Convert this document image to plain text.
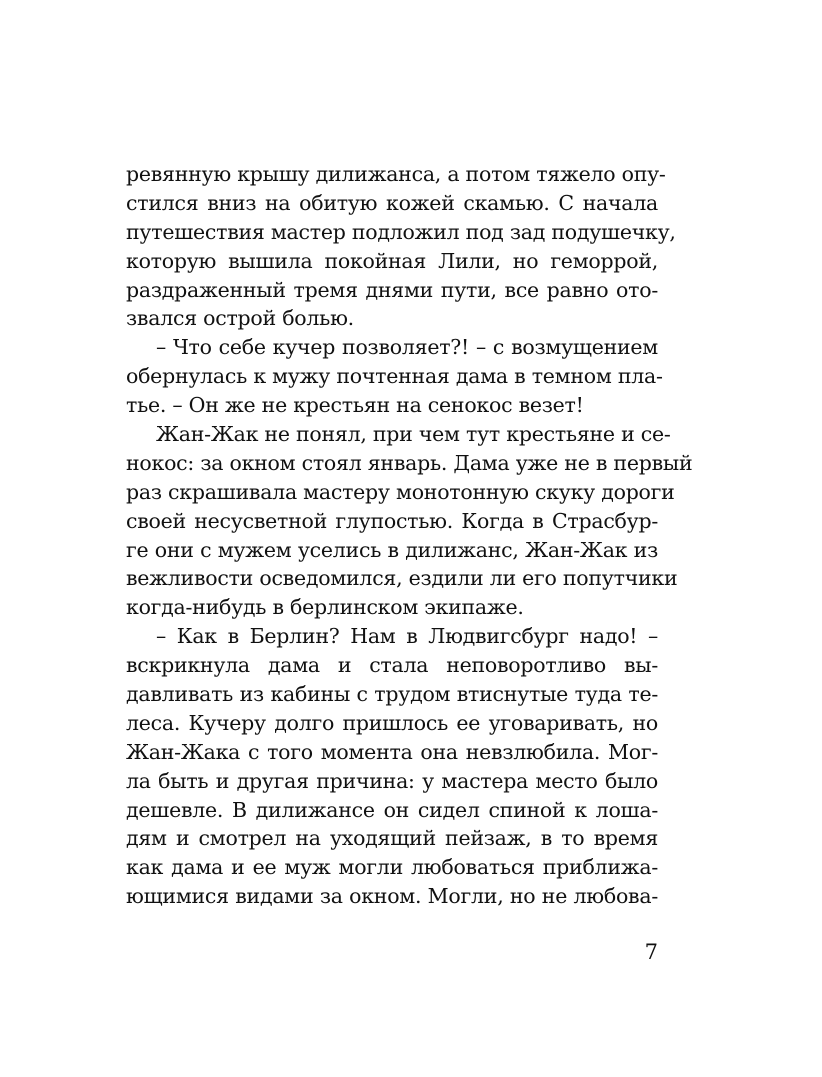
ревянную крышу дилижанса, а потом тяжело опу-
стился вниз на обитую кожей скамью. С начала
путешествия мастер подложил под зад подушечку,
которую вышила покойная Лили, но геморрой,
раздраженный тремя днями пути, все равно ото-
звался острой болью.
– Что себе кучер позволяет?! – с возмущением
обернулась к мужу почтенная дама в темном пла-
тье. – Он же не крестьян на сенокос везет!
Жан-Жак не понял, при чем тут крестьяне и се-
нокос: за окном стоял январь. Дама уже не в первый
раз скрашивала мастеру монотонную скуку дороги
своей несусветной глупостью. Когда в Страсбур-
ге они с мужем уселись в дилижанс, Жан-Жак из
вежливости осведомился, ездили ли его попутчики
когда-нибудь в берлинском экипаже.
– Как в Берлин? Нам в Людвигсбург надо! –
вскрикнула дама и стала неповоротливо вы-
давливать из кабины с трудом втиснутые туда те-
леса. Кучеру долго пришлось ее уговаривать, но
Жан-Жака с того момента она невзлюбила. Мог-
ла быть и другая причина: у мастера место было
дешевле. В дилижансе он сидел спиной к лоша-
дям и смотрел на уходящий пейзаж, в то время
как дама и ее муж могли любоваться приближа-
ющимися видами за окном. Могли, но не любова-
7
